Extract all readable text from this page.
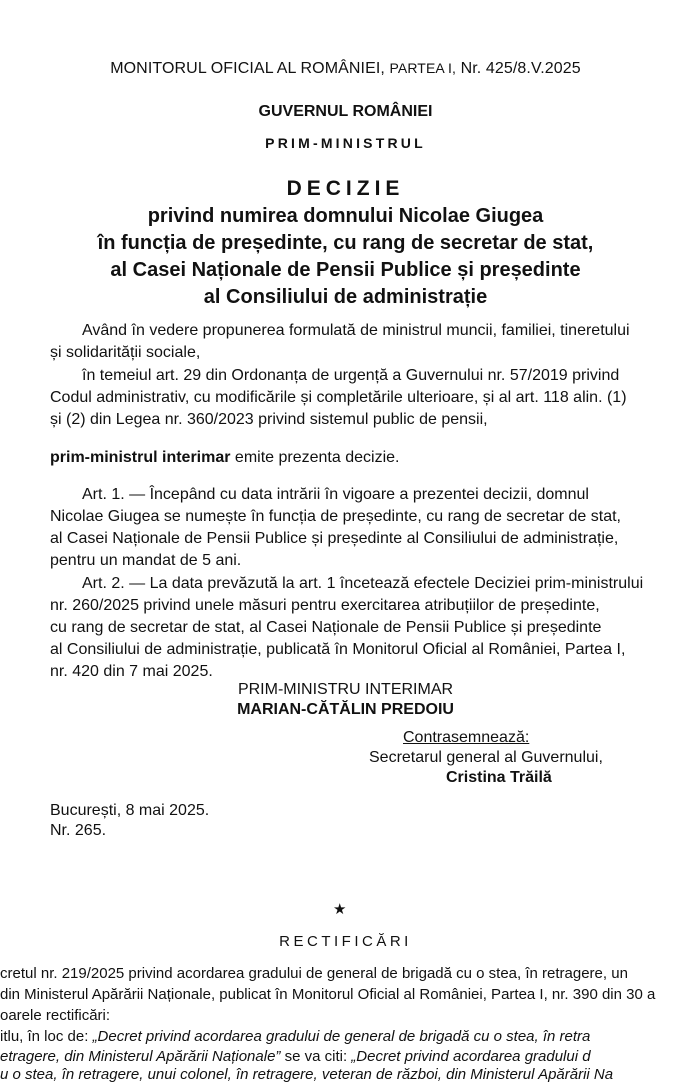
MONITORUL OFICIAL AL ROMÂNIEI, PARTEA I, Nr. 425/8.V.2025
GUVERNUL ROMÂNIEI
PRIM-MINISTRUL
DECIZIE
privind numirea domnului Nicolae Giugea
în funcția de președinte, cu rang de secretar de stat,
al Casei Naționale de Pensii Publice și președinte
al Consiliului de administrație
Având în vedere propunerea formulată de ministrul muncii, familiei, tineretului
și solidarității sociale,
în temeiul art. 29 din Ordonanța de urgență a Guvernului nr. 57/2019 privind
Codul administrativ, cu modificările și completările ulterioare, și al art. 118 alin. (1)
și (2) din Legea nr. 360/2023 privind sistemul public de pensii,
prim-ministrul interimar emite prezenta decizie.
Art. 1. — Începând cu data intrării în vigoare a prezentei decizii, domnul
Nicolae Giugea se numește în funcția de președinte, cu rang de secretar de stat,
al Casei Naționale de Pensii Publice și președinte al Consiliului de administrație,
pentru un mandat de 5 ani.
Art. 2. — La data prevăzută la art. 1 încetează efectele Deciziei prim-ministrului
nr. 260/2025 privind unele măsuri pentru exercitarea atribuțiilor de președinte,
cu rang de secretar de stat, al Casei Naționale de Pensii Publice și președinte
al Consiliului de administrație, publicată în Monitorul Oficial al României, Partea I,
nr. 420 din 7 mai 2025.
PRIM-MINISTRU INTERIMAR
MARIAN-CĂTĂLIN PREDOIU
Contrasemnează:
Secretarul general al Guvernului,
Cristina Trăilă
București, 8 mai 2025.
Nr. 265.
★
RECTIFICĂRI
cretul nr. 219/2025 privind acordarea gradului de general de brigadă cu o stea, în retragere, un
din Ministerul Apărării Naționale, publicat în Monitorul Oficial al României, Partea I, nr. 390 din 30 a
oarele rectificări:
itlu, în loc de: „Decret privind acordarea gradului de general de brigadă cu o stea, în retra
etragere, din Ministerul Apărării Naționale” se va citi: „Decret privind acordarea gradului d
u o stea, în retragere, unui colonel, în retragere, veteran de război, din Ministerul Apărării Na
